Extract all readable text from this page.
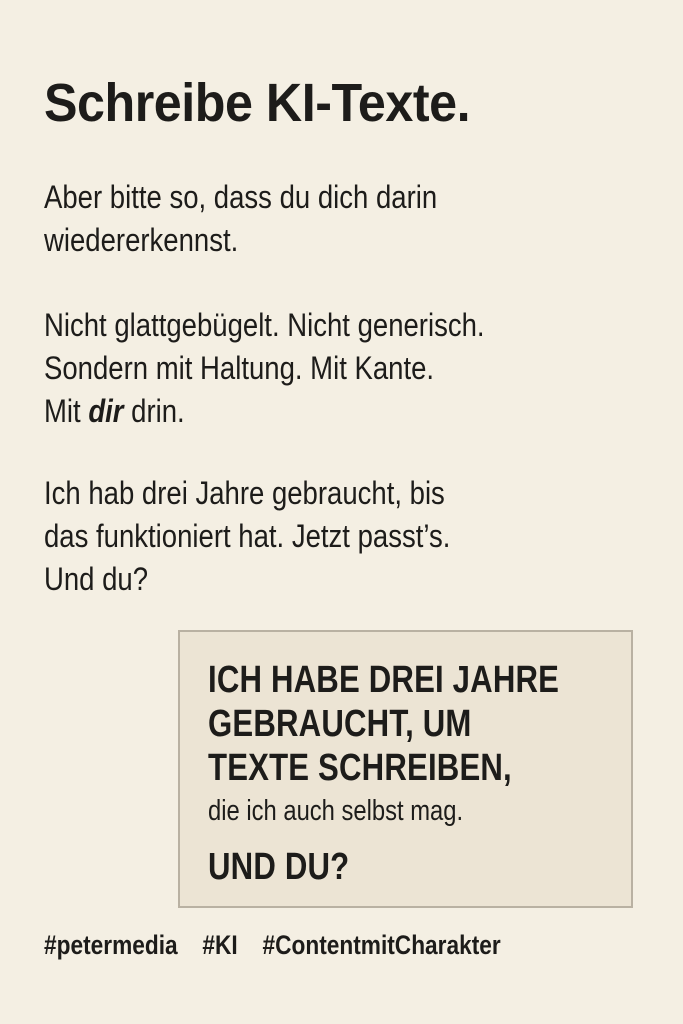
Schreibe KI-Texte.

Aber bitte so, dass du dich darin
wiedererkennst.

Nicht glattgebügelt. Nicht generisch.
Sondern mit Haltung. Mit Kante.
Mit dir drin.

Ich hab drei Jahre gebraucht, bis
das funktioniert hat. Jetzt passt’s.
Und du?

ICH HABE DREI JAHRE
GEBRAUCHT, UM
TEXTE SCHREIBEN,
die ich auch selbst mag.
UND DU?
#petermedia #KI #ContentmitCharakter
